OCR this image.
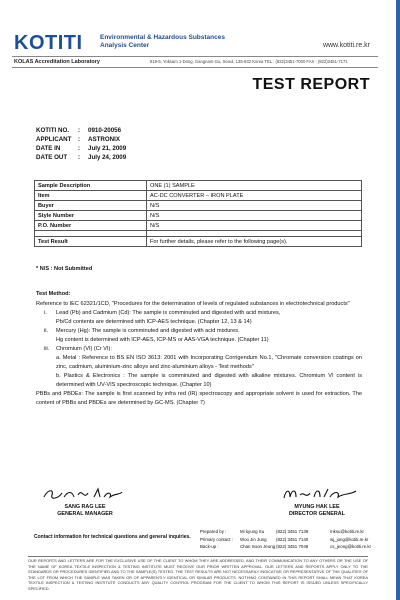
KOTITI	Environmental & Hazardous Substances
Analysis Center	www.kotiti.re.kr
KOLAS Accreditation Laboratory	819-5, Yoksam 1-Dong, Gangnam-Gu, Seoul, 135-932 Korea TEL : (822)3451-7000 FAX : (822)3451-7171
TEST REPORT
KOTITI NO.	:	0910-20056
APPLICANT	:	ASTRONIX
DATE IN	:	July 21, 2009
DATE OUT	:	July 24, 2009
Sample Description	ONE (1) SAMPLE
Item	AC-DC CONVERTER – IRON PLATE
Buyer	N/S
Style Number	N/S
P.O. Number	N/S

Test Result	For further details, please refer to the following page(s).
* N/S : Not Submitted
Test Method:

Reference to IEC 62321/1CD, "Procedures for the determination of levels of regulated substances in electrotechnical products"

i.	Lead (Pb) and Cadmium (Cd): The sample is comminuted and digested with acid mixtures,
Pb/Cd contents are determined with ICP-AES technique. (Chapter 12, 13 & 14)
ii.	Mercury (Hg): The sample is comminuted and digested with acid mixtures.
Hg content is determined with ICP-AES, ICP-MS or AAS-VGA technique. (Chapter 11)
iii.	Chromium (VI) (Cr VI):
a. Metal : Reference to BS EN ISO 3613: 2001 with Incorporating Corrigendum No.1, "Chromate conversion coatings on zinc, cadmium, aluminium-zinc alloys and zinc-aluminium alloys - Test methods"
b. Plastics & Electronics : The sample is comminuted and digested with alkaline mixtures. Chromium VI content is determined with UV-VIS spectroscopic technique. (Chapter 10)

PBBs and PBDEs: The sample is first scanned by infra red (IR) spectroscopy and appropriate solvent is used for extraction. The content of PBBs and PBDEs are determined by GC-MS. (Chapter 7)

SANG RAG LEE
GENERAL MANAGER
MYUNG HAK LEE
DIRECTOR GENERAL
Contact information for technical questions and general inquiries.
Prepared by :	Mi kyung Su	(822) 3451 7139	mksu@kotiti.re.kr
Primary contact :	Woo Jin Jung	(822) 3451 7140	wj_jung@kotiti.re.kr
Back-up :	Chan Soon Jeong (822) 3451 7048	cs_jeong@kotiti.re.kr
OUR REPORTS AND LETTERS ARE FOR THE EXCLUSIVE USE OF THE CLIENT TO WHOM THEY ARE ADDRESSED, AND THEIR COMMUNICATION TO ANY OTHERS OR THE USE OF THE NAME OF KOREA TEXTILE INSPECTION & TESTING INSTITUTE MUST RECEIVE OUR PRIOR WRITTEN APPROVAL. OUR LETTERS AND REPORTS APPLY ONLY TO THE STANDARDS OR PROCEDURES IDENTIFIED AND TO THE SAMPLE(S) TESTED. THE TEST RESULTS ARE NOT NECESSARILY INDICATIVE OR REPRESENTATIVE OF THE QUALITIES OF THE LOT FROM WHICH THE SAMPLE WAS TAKEN OR OF APPARENTLY IDENTICAL OR SIMILAR PRODUCTS. NOTHING CONTAINED IN THIS REPORT SHALL MEAN THAT KOREA TEXTILE INSPECTION & TESTING INSTITUTE CONDUCTS ANY QUALITY CONTROL PROGRAM FOR THE CLIENT TO WHOM THIS REPORT IS ISSUED UNLESS SPECIFICALLY SPECIFIED.
